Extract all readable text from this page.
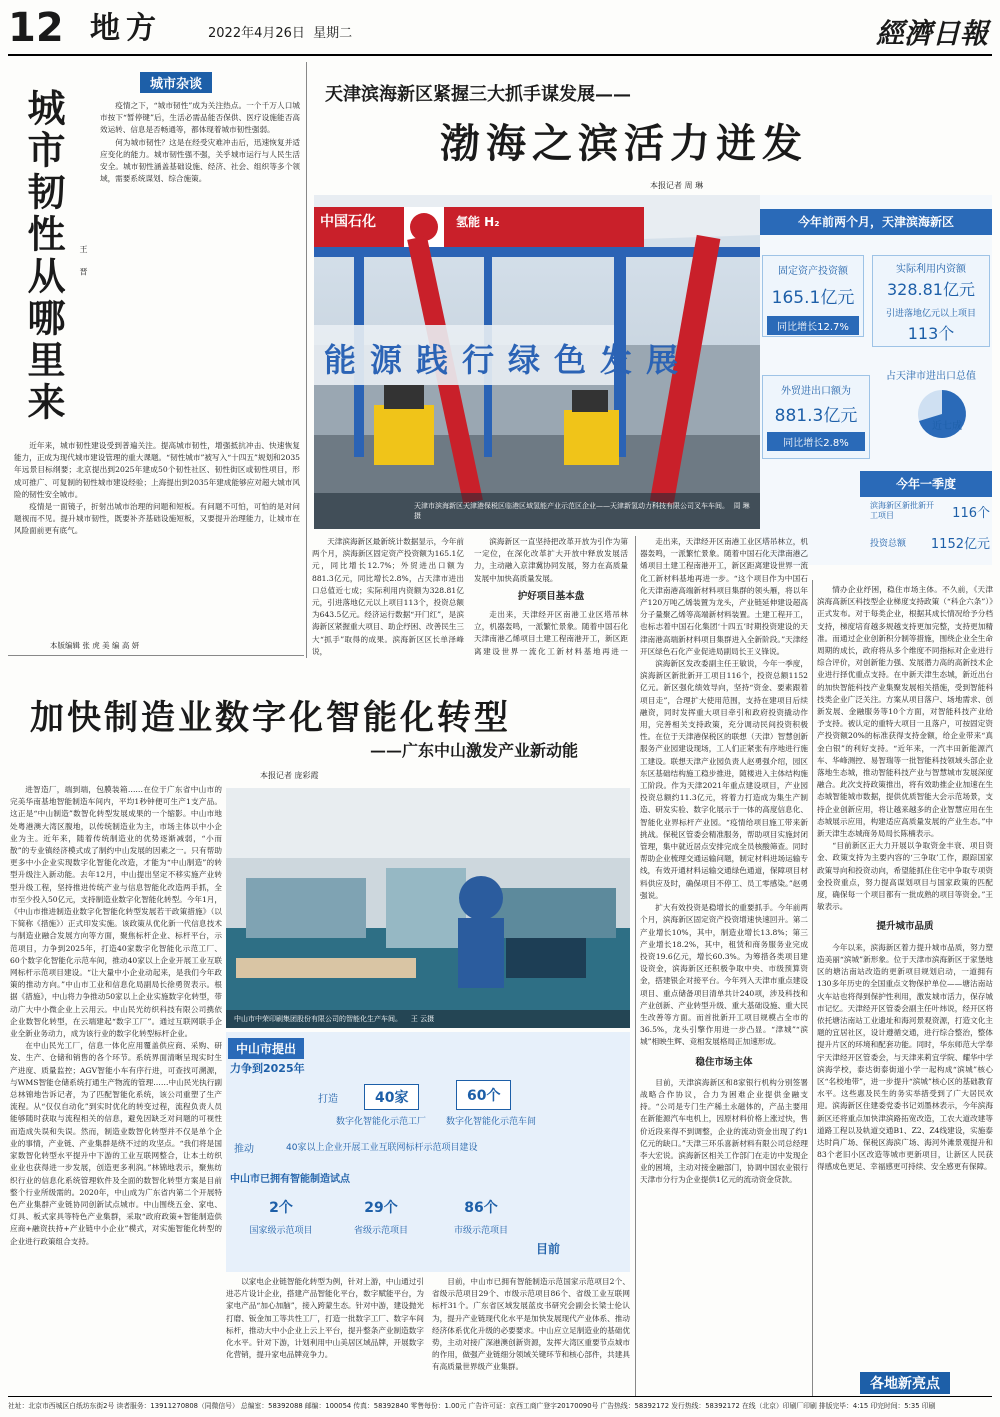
12 地方	2022年4月26日 星期二	經濟日報
城市杂谈
城市韧性从哪里来 王 晋

疫情之下，“城市韧性”成为关注热点。一个千万人口城市按下“暂停键”后，生活必需品能否保供、医疗设施能否高效运转、信息是否畅通等，都体现着城市韧性强弱。

何为城市韧性？这是在经受灾难冲击后，迅速恢复并适应变化的能力。城市韧性强不强，关乎城市运行与人民生活安全。城市韧性涵盖基础设施、经济、社会、组织等多个领域，需要系统谋划、综合施策。

近年来，城市韧性建设受到普遍关注。提高城市韧性，增强抵抗冲击、快速恢复能力，正成为现代城市建设管理的重大课题。“韧性城市”被写入“十四五”规划和2035年远景目标纲要；北京提出到2025年建成50个韧性社区、韧性街区或韧性项目，形成可推广、可复制的韧性城市建设经验；上海提出到2035年建成能够应对超大城市风险的韧性安全城市。

疫情是一面镜子，折射出城市治理的问题和短板。有问题不可怕，可怕的是对问题视而不见。提升城市韧性，既要补齐基础设施短板，又要提升治理能力，让城市在风险面前更有底气。

本版编辑 张 虎 美 编 高 妍
天津滨海新区紧握三大抓手谋发展——
渤海之滨活力迸发
本报记者 周 琳
中国石化	氢能 H₂
能源践行绿色发展
天津市滨海新区天津港保税区临港区域氢能产业示范区企业——天津新氢动力科技有限公司叉车车间。 周 琳摄
今年前两个月，天津滨海新区
固定资产投资额
165.1亿元
同比增长12.7%
实际利用内资额
328.81亿元
引进落地亿元以上项目
113个
外贸进出口额为
881.3亿元
同比增长2.8%
占天津市进出口总值
近七成
今年一季度
滨海新区新批新开工项目	116个
投资总额 1152亿元

天津滨海新区最新统计数据显示，今年前两个月，滨海新区固定资产投资额为165.1亿元，同比增长12.7%；外贸进出口额为881.3亿元，同比增长2.8%，占天津市进出口总值近七成；实际利用内资额为328.81亿元，引进落地亿元以上项目113个，投资总额为643.5亿元。经济运行数据“开门红”，是滨海新区紧握重大项目、助企纾困、改善民生三大“抓手”取得的成果。滨海新区区长单泽峰说，

滨海新区一直坚持把改革开放为引作为第一定位，在深化改革扩大开放中释放发展活力，主动融入京津冀协同发展，努力在高质量发展中加快高质量发展。

护好项目基本盘

走出来，天津经开区南港工业区塔吊林立，机器轰鸣，一派繁忙景象。随着中国石化天津南港乙烯项目土建工程南港开工，新区距离建设世界一流化工新材料基地再进一

走出来，天津经开区南港工业区塔吊林立，机器轰鸣，一派繁忙景象。随着中国石化天津南港乙烯项目土建工程南港开工，新区距离建设世界一流化工新材料基地再进一步。“这个项目作为中国石化天津南港高端新材料项目集群的领头雁，将以年产120万吨乙烯装置为龙头，产业链延伸建设超高分子量聚乙烯等高端新材料装置。土建工程开工，也标志着中国石化集团‘十四五’时期投资建设的天津南港高端新材料项目集群进入全新阶段。”天津经开区绿色石化产业促进局副局长王义锋说。

滨海新区发改委副主任王敏说，今年一季度，滨海新区新批新开工项目116个，投资总额1152亿元。新区强化绩效导向，坚持“资金、要素跟着项目走”，合理扩大使用范围，支持在建项目后续融资，同时发挥重大项目牵引和政府投资撬动作用，完善相关支持政策，充分调动民间投资积极性。在位于天津港保税区的联想（天津）智慧创新服务产业园建设现场，工人们正紧张有序地进行施工建设。联想天津产业园负责人赵勇强介绍，园区东区基础结构施工稳步推进，随楼进入主体结构施工阶段。作为天津2021年重点建设项目，产业园投资总额约11.3亿元，将着力打造成为集生产制造、研发实验、数字化展示于一体的高度信息化、智能化业界标杆产业园。“疫情给项目施工带来新挑战。保税区管委会精准服务，帮助项目实施封闭管理，集中就近居点安排完成全员核酸筛查。同时帮助企业梳理交通运输问题，制定材料进场运输专线，有效开通材料运输交通绿色通道，保障项目材料供应及时，确保项目不停工、员工零感染。”赵勇强说。

扩大有效投资是稳增长的重要抓手。今年前两个月，滨海新区固定资产投资增速快速回升。第二产业增长10%，其中，制造业增长13.8%；第三产业增长18.2%，其中，租赁和商务服务业完成投资19.6亿元，增长60.3%。为筹措各类项目建设资金，滨海新区还积极争取中央、市级预算资金，搭建银企对接平台。今年列入天津市重点建设项目、重点储备项目清单共计240项，涉及科技和产业创新、产业转型升级、重大基础设施、重大民生改善等方面。而首批新开工项目规模占全市的36.5%，龙头引擎作用进一步凸显。“津城”“滨城”相映生辉、竞相发展格局正加速形成。

稳住市场主体

目前，天津滨海新区和8家银行机构分别签署战略合作协议，合力为困难企业提供金融支持。“公司是专门生产稀土永磁体的，产品主要用在新能源汽车电机上，因原材料价格上涨过快，售价近段来得不到调整，企业的流动资金出现了约1亿元的缺口。”天津三环乐喜新材料有限公司总经理李大宏说。滨海新区相关工作部门在走访中发现企业的困境，主动对接金融部门，协调中国农业银行天津市分行为企业提供1亿元的流动资金贷款。

情办企业纾困，稳住市场主体。不久前，《天津滨海高新区科技型企业梯度支持政策（“科企六条”）》正式发布。对于每类企业，根据其成长情况给予分档支持，梯度培育越多规越支持更加完整，支持更加精准。而通过企业创新积分制等措施，围绕企业全生命周期的成长，政府将从多个维度不同指标对企业进行综合评价，对创新能力强、发展潜力高的高新技术企业进行择优重点支持。在中新天津生态城，新近出台的加快智能科技产业集聚发展相关措施，受到智能科技类企业广泛关注。方案从项目落户、场地需求、创新发展、金融服务等10个方面，对智能科技产业给予支持。被认定的重特大项目一且落户，可按固定资产投资额20%的标准获得支持金额，给企业带来“真金白银”的利好支持。“近年来，一汽丰田新能源汽车、华峰测控、易智瑞等一批智能科技领域头部企业落地生态城，推动智能科技产业与智慧城市发展深度融合。此次支持政策推出，将有效助推企业加速在生态城智能城市数据，提供优质智能大会示范场景，支持企业创新应用，将让越来越多的企业智慧应用在生态城展示应用，构建适应高质量发展的产业生态。”中新天津生态城商务局局长陈楠表示。

“目前新区正大力开展以争取资金丰衰、项目资金、政策支持为主要内容的‘三争取’工作，跟踪国家政策导向和投资动向，希望能抓住住宅中争取专项资金投资重点，努力提高谋划项目与国家政策的匹配度，确保每一个项目都有一批成熟的项目等资金。”王敏表示。

提升城市品质

今年以来，滨海新区着力提升城市品质，努力塑造美丽“滨城”新形象。位于天津市滨海新区于家堡地区的塘沽南站改造的更新项目规划启动，一道拥有130多年历史的全国重点文物保护单位——塘沽南站火车站也将得到保护性利用，激发城市活力，保存城市记忆。天津经开区管委会副主任叶炜说，经开区将依托塘沽南站工业遗址和海河景观资源，打造文化主题的宜居社区，设计遵循交通，进行综合整治，整体提升片区的环境和配套功能。同时，华东师范大学奉宇天津经开区管委会，与天津来莉宜学院、耀华中学滨海学校，泰达街泰街道小学一起构成“滨城”核心区“名校地带”，进一步提升“滨城”核心区的基础教育水平。这些惠及民生的务实举措受到了广大居民欢迎。滨海新区住建委党委书记刘墨林表示，今年滨海新区还将重点加快津滨路拓宽改造，工农大道改建等道路工程以及轨道交通B1、Z2、Z4线建设，实施泰达时尚广场、保税区海滨广场、海河外滩景观提升和83个老旧小区改造等城市更新项目，让新区人民获得感成色更足、幸福感更可持续、安全感更有保障。

各地新亮点
加快制造业数字化智能化转型
——广东中山激发产业新动能
本报记者 庞彩霞

进智造厂，端到端，包膜装箱……在位于广东省中山市的完美华南基地智能制造车间内，平均1秒钟便可生产1支产品。这正是“中山制造”数智化转型发展成果的一个缩影。中山市地处粤港澳大湾区腹地，以传统制造业为主，市场主体以中小企业为主。近年来，随着传统制造业的优势逐渐减弱，“小而散”的专业镇经济模式成了制约中山发展的因素之一。只有帮助更多中小企业实现数字化智能化改造，才能为“中山制造”的转型升级注入新动能。去年12月，中山提出坚定不移实施产业转型升级工程，坚持推进传统产业与信息智能化改造两手抓，全市至少投入50亿元，支持制造业数字化智能化转型。今年1月，《中山市推进制造业数字化智能化转型发展若干政策措施》（以下简称《措施》）正式印发实施。该政策从优化新一代信息技术与制造业融合发展方向等方面，聚焦标杆企业、标杆平台，示范项目，力争到2025年，打造40家数字化智能化示范工厂、60个数字化智能化示范车间，推动40家以上企业开展工业互联网标杆示范项目建设。“让大量中小企业动起来，是我们今年政策的推动方向。”中山市工业和信息化局副局长徐勇贺表示。根据《措施》，中山将力争推动50家以上企业实施数字化转型，带动广大中小微企业上云用云。中山民光纺织科技有限公司携依企业数智化转型，在云端建起“数字工厂”。通过互联网联手企业全新业务动力，成为该行业的数字化转型标杆企业。

在中山民光工厂，信息一体化应用覆盖供应商、采购、研发、生产、仓储和销售的各个环节。系统界面清晰呈现实时生产进度、质量监控；AGV智能小车有序行进，可查找可溯源，与WMS智能仓储系统打通生产物流的管理……中山民光执行副总林锦地告诉记者，为了匹配智能化系统，该公司重塑了生产流程。从“仅仅自动化”到实时优化的转变过程，流程负责人员能够随时获取与流程相关的信息，避免因缺乏对问题的可视性而造成失误和失误。然而，制造业数智化转型并不仅是单个企业的事情，产业链、产业集群是绕不过的攻坚点。“我们将是国家数智化转型水平提升中下游的工业互联网整合，让本土纺织业业也获得进一步发展，创造更多利润。”林锦地表示，聚焦纺织行业的信息化系统管理软件及全面的数智化转型方案是目前整个行业所级需的。2020年，中山成为广东省内第二个开展特色产业集群产业链协同创新试点城市。中山围绕五金、家电、灯具、板式家具等特色产业集群，采取“政府政策+智能制造供应商+融资扶持+产业链中小企业”模式，对实施智能化转型的企业进行政策组合支持。

中山市中荣印刷集团股份有限公司的智能化生产车间。 王 云摄
中山市提出
力争到2025年
打造	40家
数字化智能化示范工厂
60个
数字化智能化示范车间
推动	40家以上企业开展工业互联网标杆示范项目建设
中山市已拥有智能制造试点
2个
国家级示范项目
29个
省级示范项目
86个
市级示范项目
目前

以家电企业链智能化转型为例，针对上游，中山通过引进芯片设计企业，搭建产品智能化平台，数字赋能平台，为家电产品“加心加脑”，接入跨蒙生态。针对中游，建设抛光打磨、钣金加工等共性工厂，打造一批数字工厂、数字车间标杆，推动大中小企业上云上平台，提升整条产业制造数字化水平。针对下游，计划利用中山美居区域品牌，开展数字化营销，提升家电品牌竞争力。

目前，中山市已拥有智能制造示范国家示范项目2个、省级示范项目29个、市级示范项目86个、省级工业互联网标杆31个。广东省区域发展蓝皮书研究会副会长梁士伦认为，提升产业链现代化水平是加快发展现代产业体系、推动经济体系优化升级的必要要求。中山应立足制造业的基础优势，主动对接广深港澳创新资源，发挥大湾区重要节点城市的作用，做强产业链细分领域关键环节和核心部件，共建具有高质量世界级产业集群。

社址：北京市西城区白纸坊东街2号 读者服务：13911270808（同微信号） 总编室：58392088 邮编：100054 传真：58392840 零售每份：1.00元 广告许可证：京西工商广登字20170090号 广告热线：58392172 发行热线：58392172 在线（北京）印刷厂印刷 排版完毕：4:15 印完时间：5:35 印刷
